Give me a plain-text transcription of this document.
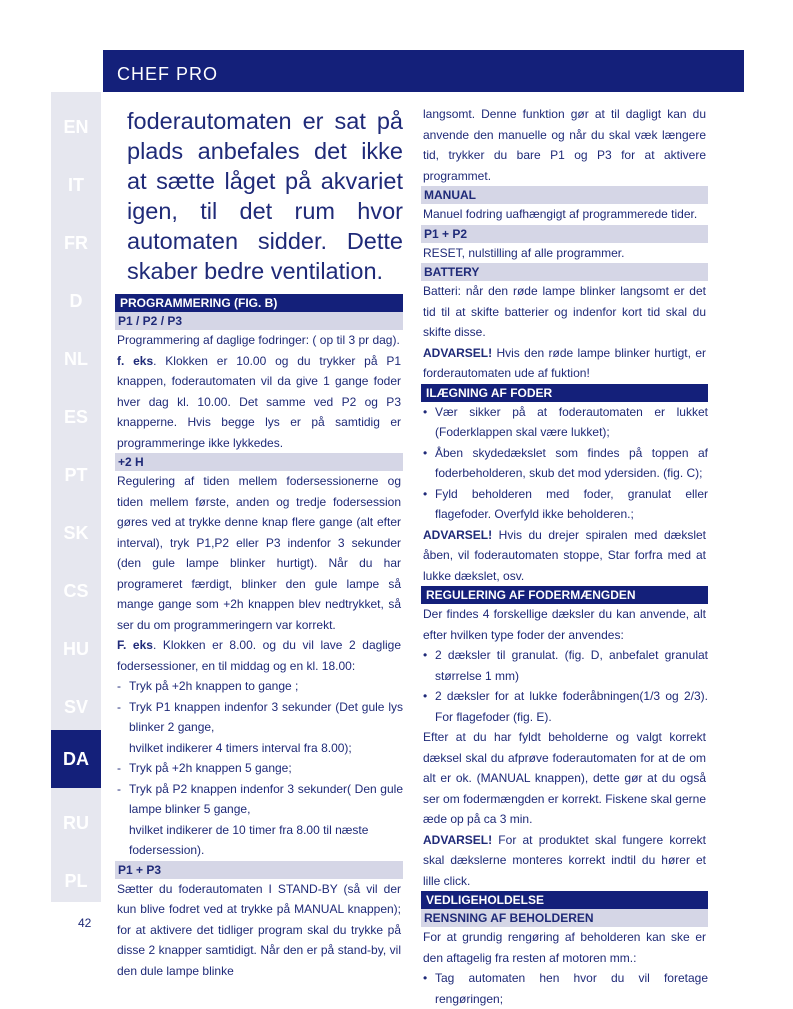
CHEF PRO
EN
IT
FR
D
NL
ES
PT
SK
CS
HU
SV
DA
RU
PL
42

foderautomaten er sat på plads anbefales det ikke at sætte låget på akvariet igen, til det rum hvor automaten sidder. Dette skaber bedre ventilation.

PROGRAMMERING (FIG. B)
P1 / P2 / P3

Programmering af daglige fodringer: ( op til 3 pr dag).

f. eks. Klokken er 10.00 og du trykker på P1 knappen, foderautomaten vil da give 1 gange foder hver dag kl. 10.00. Det samme ved P2 og P3 knapperne. Hvis begge lys er på samtidig er programmeringe ikke lykkedes.

+2 H

Regulering af tiden mellem fodersessionerne og tiden mellem første, anden og tredje fodersession gøres ved at trykke denne knap flere gange (alt efter interval), tryk P1,P2 eller P3 indenfor 3 sekunder (den gule lampe blinker hurtigt). Når du har programeret færdigt, blinker den gule lampe så mange gange som +2h knappen blev nedtrykket, så ser du om programmeringern var korrekt.

F. eks. Klokken er 8.00. og du vil lave 2 daglige fodersessioner, en til middag og en kl. 18.00:

- Tryk på +2h knappen to gange ;

- Tryk P1 knappen indenfor 3 sekunder (Det gule lys blinker 2 gange,

hvilket indikerer 4 timers interval fra 8.00);

- Tryk på +2h knappen 5 gange;

- Tryk på P2 knappen indenfor 3 sekunder( Den gule lampe blinker 5 gange,

hvilket indikerer de 10 timer fra 8.00 til næste fodersession).

P1 + P3

Sætter du foderautomaten I STAND-BY (så vil der kun blive fodret ved at trykke på MANUAL knappen); for at aktivere det tidliger program skal du trykke på disse 2 knapper samtidigt. Når den er på stand-by, vil den dule lampe blinke

langsomt. Denne funktion gør at til dagligt kan du anvende den manuelle og når du skal væk længere tid, trykker du bare P1 og P3 for at aktivere programmet.

MANUAL

Manuel fodring uafhængigt af programmerede tider.

P1 + P2

RESET, nulstilling af alle programmer.

BATTERY

Batteri: når den røde lampe blinker langsomt er det tid til at skifte batterier og indenfor kort tid skal du skifte disse.

ADVARSEL! Hvis den røde lampe blinker hurtigt, er forderautomaten ude af fuktion!

ILÆGNING AF FODER

• Vær sikker på at foderautomaten er lukket (Foderklappen skal være lukket);

• Åben skydedækslet som findes på toppen af foderbeholderen, skub det mod ydersiden. (fig. C);

• Fyld beholderen med foder, granulat eller flagefoder. Overfyld ikke beholderen.;

ADVARSEL! Hvis du drejer spiralen med dækslet åben, vil foderautomaten stoppe, Star forfra med at lukke dækslet, osv.

REGULERING AF FODERMÆNGDEN

Der findes 4 forskellige dæksler du kan anvende, alt efter hvilken type foder der anvendes:

• 2 dæksler til granulat. (fig. D, anbefalet granulat størrelse 1 mm)

• 2 dæksler for at lukke foderåbningen(1/3 og 2/3). For flagefoder (fig. E).

Efter at du har fyldt beholderne og valgt korrekt dæksel skal du afprøve foderautomaten for at de om alt er ok. (MANUAL knappen), dette gør at du også ser om fodermængden er korrekt. Fiskene skal gerne æde op på ca 3 min.

ADVARSEL! For at produktet skal fungere korrekt skal dækslerne monteres korrekt indtil du hører et lille click.

VEDLIGEHOLDELSE
RENSNING AF BEHOLDEREN

For at grundig rengøring af beholderen kan ske er den aftagelig fra resten af motoren mm.:

• Tag automaten hen hvor du vil foretage rengøringen;
